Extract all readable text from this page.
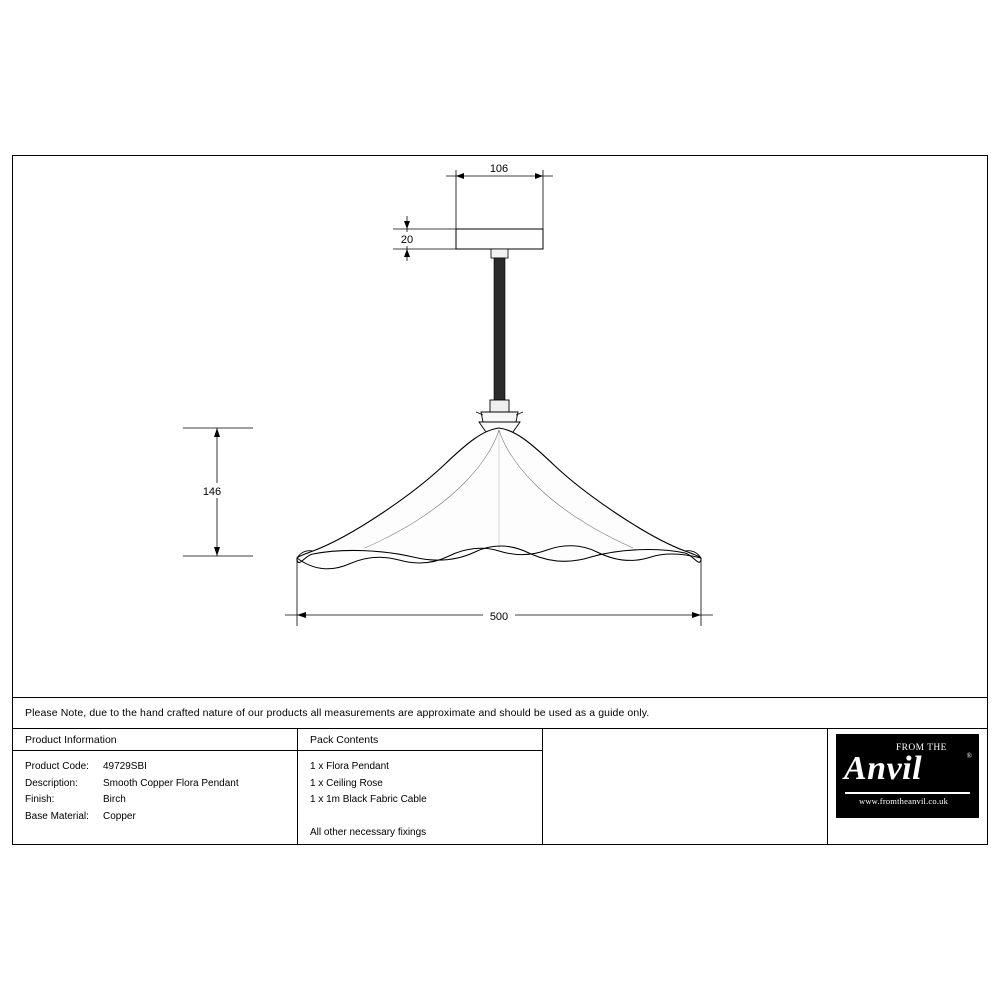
106
20
146
500
Please Note, due to the hand crafted nature of our products all measurements are approximate and should be used as a guide only.
Product Information
Product Code:	49729SBI
Description:	Smooth Copper Flora Pendant
Finish:	Birch
Base Material:	Copper
Pack Contents
1 x Flora Pendant
1 x Ceiling Rose
1 x 1m Black Fabric Cable
All other necessary fixings
FROM THE
Anvil	®
www.fromtheanvil.co.uk
